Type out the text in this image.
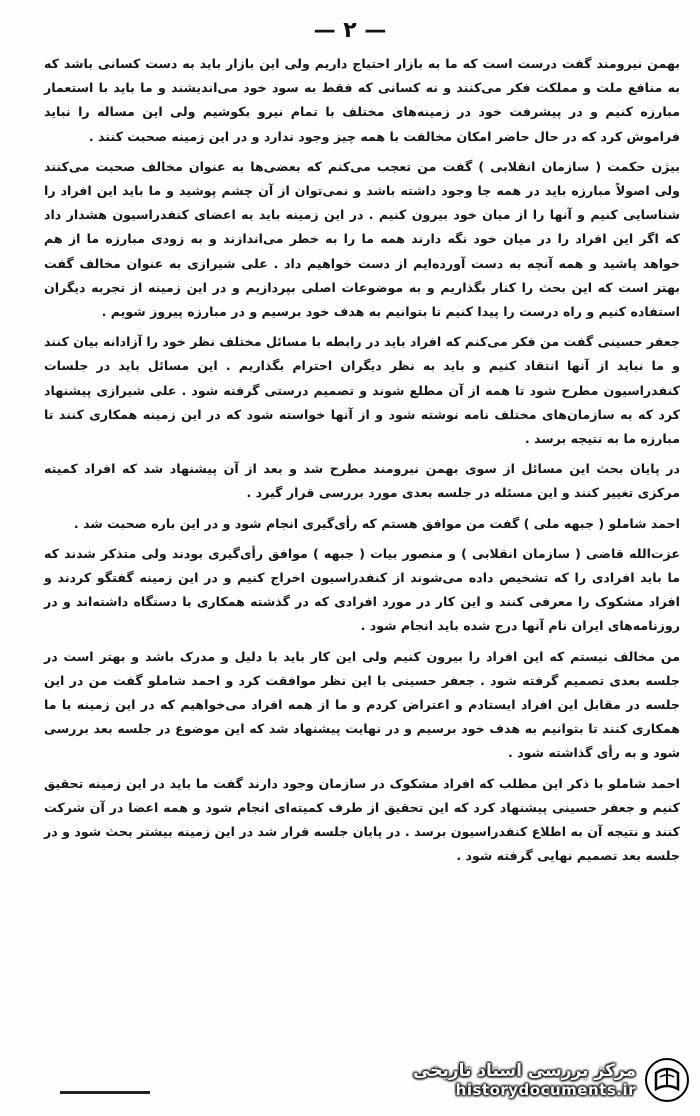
— ۲ —

بهمن نیرومند گفت درست است که ما به بازار احتیاج داریم ولی این بازار باید به دست کسانی باشد که به منافع ملت و مملکت فکر می‌کنند و نه کسانی که فقط به سود خود می‌اندیشند و ما باید با استعمار مبارزه کنیم و در پیشرفت خود در زمینه‌های مختلف با تمام نیرو بکوشیم ولی این مساله را نباید فراموش کرد که در حال حاضر امکان مخالفت با همه چیز وجود ندارد و در این زمینه صحبت کنند .

بیژن حکمت ( سازمان انقلابی ) گفت من تعجب می‌کنم که بعضی‌ها به عنوان مخالف صحبت می‌کنند ولی اصولاً مبارزه باید در همه جا وجود داشته باشد و نمی‌توان از آن چشم پوشید و ما باید این افراد را شناسایی کنیم و آنها را از میان خود بیرون کنیم . در این زمینه باید به اعضای کنفدراسیون هشدار داد که اگر این افراد را در میان خود نگه دارند همه ما را به خطر می‌اندازند و به زودی مبارزه ما از هم خواهد پاشید و همه آنچه به دست آورده‌ایم از دست خواهیم داد . علی شیرازی به عنوان مخالف گفت بهتر است که این بحث را کنار بگذاریم و به موضوعات اصلی بپردازیم و در این زمینه از تجربه دیگران استفاده کنیم و راه درست را پیدا کنیم تا بتوانیم به هدف خود برسیم و در مبارزه پیروز شویم .

جعفر حسینی گفت من فکر می‌کنم که افراد باید در رابطه با مسائل مختلف نظر خود را آزادانه بیان کنند و ما نباید از آنها انتقاد کنیم و باید به نظر دیگران احترام بگذاریم . این مسائل باید در جلسات کنفدراسیون مطرح شود تا همه از آن مطلع شوند و تصمیم درستی گرفته شود . علی شیرازی پیشنهاد کرد که به سازمان‌های مختلف نامه نوشته شود و از آنها خواسته شود که در این زمینه همکاری کنند تا مبارزه ما به نتیجه برسد .

در پایان بحث این مسائل از سوی بهمن نیرومند مطرح شد و بعد از آن پیشنهاد شد که افراد کمیته مرکزی تغییر کنند و این مسئله در جلسه بعدی مورد بررسی قرار گیرد .

احمد شاملو ( جبهه ملی ) گفت من موافق هستم که رأی‌گیری انجام شود و در این باره صحبت شد .

عزت‌الله قاضی ( سازمان انقلابی ) و منصور بیات ( جبهه ) موافق رأی‌گیری بودند ولی متذکر شدند که ما باید افرادی را که تشخیص داده می‌شوند از کنفدراسیون اخراج کنیم و در این زمینه گفتگو کردند و افراد مشکوک را معرفی کنند و این کار در مورد افرادی که در گذشته همکاری با دستگاه داشته‌اند و در روزنامه‌های ایران نام آنها درج شده باید انجام شود .

من مخالف نیستم که این افراد را بیرون کنیم ولی این کار باید با دلیل و مدرک باشد و بهتر است در جلسه بعدی تصمیم گرفته شود . جعفر حسینی با این نظر موافقت کرد و احمد شاملو گفت من در این جلسه در مقابل این افراد ایستادم و اعتراض کردم و ما از همه افراد می‌خواهیم که در این زمینه با ما همکاری کنند تا بتوانیم به هدف خود برسیم و در نهایت پیشنهاد شد که این موضوع در جلسه بعد بررسی شود و به رأی گذاشته شود .

احمد شاملو با ذکر این مطلب که افراد مشکوک در سازمان وجود دارند گفت ما باید در این زمینه تحقیق کنیم و جعفر حسینی پیشنهاد کرد که این تحقیق از طرف کمیته‌ای انجام شود و همه اعضا در آن شرکت کنند و نتیجه آن به اطلاع کنفدراسیون برسد . در پایان جلسه قرار شد در این زمینه بیشتر بحث شود و در جلسه بعد تصمیم نهایی گرفته شود .

مرکز بررسی اسناد تاریخی
historydocuments.ir
